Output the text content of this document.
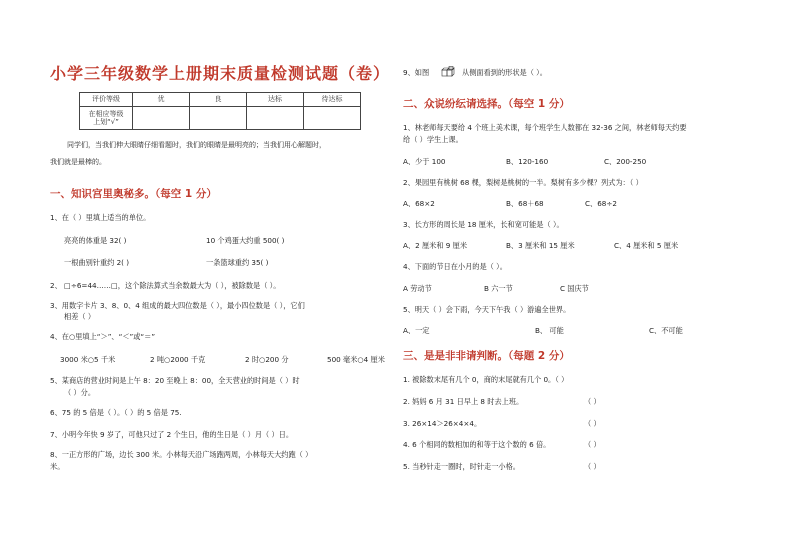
小学三年级数学上册期末质量检测试题（卷）
评价等级	优	良	达标	待达标

在相应等级
上划“√”				

同学们，当我们伸大眼睛仔细看题时，我们的眼睛是最明亮的；当我们用心解题时，
我们就是最棒的。
一、知识宫里奥秘多。（每空 1 分）
1、在（ ）里填上适当的单位。
亮亮的体重是 32( )	10 个鸡蛋大约重 500( )
一根曲别针重约 2( )	一条篮球重约 35( )
2、 □÷6=44……□，这个除法算式当余数最大为（ ），被除数是（ ）。
3、用数字卡片 3、8、0、4 组成的最大四位数是（ ），最小四位数是（ ），它们
相差（ ）
4、在○里填上“＞”、“＜”或“＝”
3000 米○5 千米	2 吨○2000 千克	2 时○200 分	500 毫米○4 厘米
5、某商店的营业时间是上午 8：20 至晚上 8：00，全天营业的时间是（ ）时
（ ）分。
6、75 的 5 倍是（ ）。（ ）的 5 倍是 75.
7、小明今年快 9 岁了，可他只过了 2 个生日，他的生日是（ ）月（ ）日。
8、一正方形的广场，边长 300 米。小林每天沿广场跑两周，小林每天大约跑（ ）
米。
9、如图	从侧面看到的形状是（ ）。
二、众说纷纭请选择。（每空 1 分）
1、林老师每天要给 4 个班上美术课，每个班学生人数都在 32-36 之间，林老师每天约要
给（ ）学生上课。
A、少于 100	B、120-160	C、200-250
2、果园里有桃树 68 棵，梨树是桃树的一半。梨树有多少棵？列式为：（ ）
A、68×2	B、68＋68	C、68÷2
3、长方形的周长是 18 厘米，长和宽可能是（ ）。
A、2 厘米和 9 厘米	B、3 厘米和 15 厘米	C、4 厘米和 5 厘米
4、下面的节日在小月的是（ ）。
A 劳动节	B 六一节	C 国庆节
5、明天（ ）会下雨，今天下午我（ ）游遍全世界。
A、一定	B、 可能	C、不可能
三、是是非非请判断。（每题 2 分）
1. 被除数末尾有几个 0，商的末尾就有几个 0。（ ）
2. 妈妈 6 月 31 日早上 8 时去上班。	（ ）
3. 26×14＞26×4×4。	（ ）
4. 6 个相同的数相加的和等于这个数的 6 倍。	（ ）
5. 当秒针走一圈时，时针走一小格。	（ ）
